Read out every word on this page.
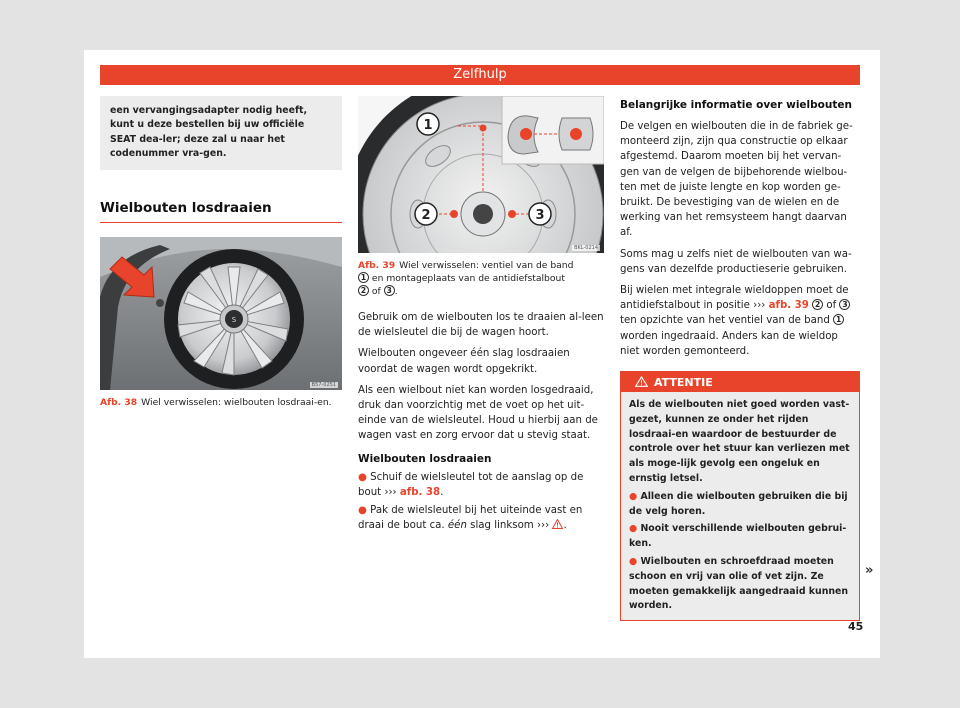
Zelfhulp
een vervangingsadapter nodig heeft, kunt u deze bestellen bij uw officiële SEAT dea-ler; deze zal u naar het codenummer vra-gen.
Wielbouten losdraaien
S
B57-0251
Afb. 38 Wiel verwisselen: wielbouten losdraai-en.
1
2	3
BKL-0214
Afb. 39 Wiel verwisselen: ventiel van de band
1 en montageplaats van de antidiefstalbout
2 of 3 .
Gebruik om de wielbouten los te draaien al-leen de wielsleutel die bij de wagen hoort.
Wielbouten ongeveer één slag losdraaien voordat de wagen wordt opgekrikt.
Als een wielbout niet kan worden losgedraaid, druk dan voorzichtig met de voet op het uit-einde van de wielsleutel. Houd u hierbij aan de wagen vast en zorg ervoor dat u stevig staat.
Wielbouten losdraaien
● Schuif de wielsleutel tot de aanslag op de bout ››› afb. 38.
● Pak de wielsleutel bij het uiteinde vast en draai de bout ca. één slag linksom ››› .
Belangrijke informatie over wielbouten
De velgen en wielbouten die in de fabriek ge-monteerd zijn, zijn qua constructie op elkaar afgestemd. Daarom moeten bij het vervan-gen van de velgen de bijbehorende wielbou-ten met de juiste lengte en kop worden ge-bruikt. De bevestiging van de wielen en de werking van het remsysteem hangt daarvan af.
Soms mag u zelfs niet de wielbouten van wa-gens van dezelfde productieserie gebruiken.
Bij wielen met integrale wieldoppen moet de antidiefstalbout in positie ››› afb. 39 2 of 3 ten opzichte van het ventiel van de band 1 worden ingedraaid. Anders kan de wieldop niet worden gemonteerd.
ATTENTIE
Als de wielbouten niet goed worden vast-gezet, kunnen ze onder het rijden losdraai-en waardoor de bestuurder de controle over het stuur kan verliezen met als moge-lijk gevolg een ongeluk en ernstig letsel.
● Alleen die wielbouten gebruiken die bij de velg horen.
● Nooit verschillende wielbouten gebrui-ken.
● Wielbouten en schroefdraad moeten schoon en vrij van olie of vet zijn. Ze moeten gemakkelijk aangedraaid kunnen worden.
»
45
